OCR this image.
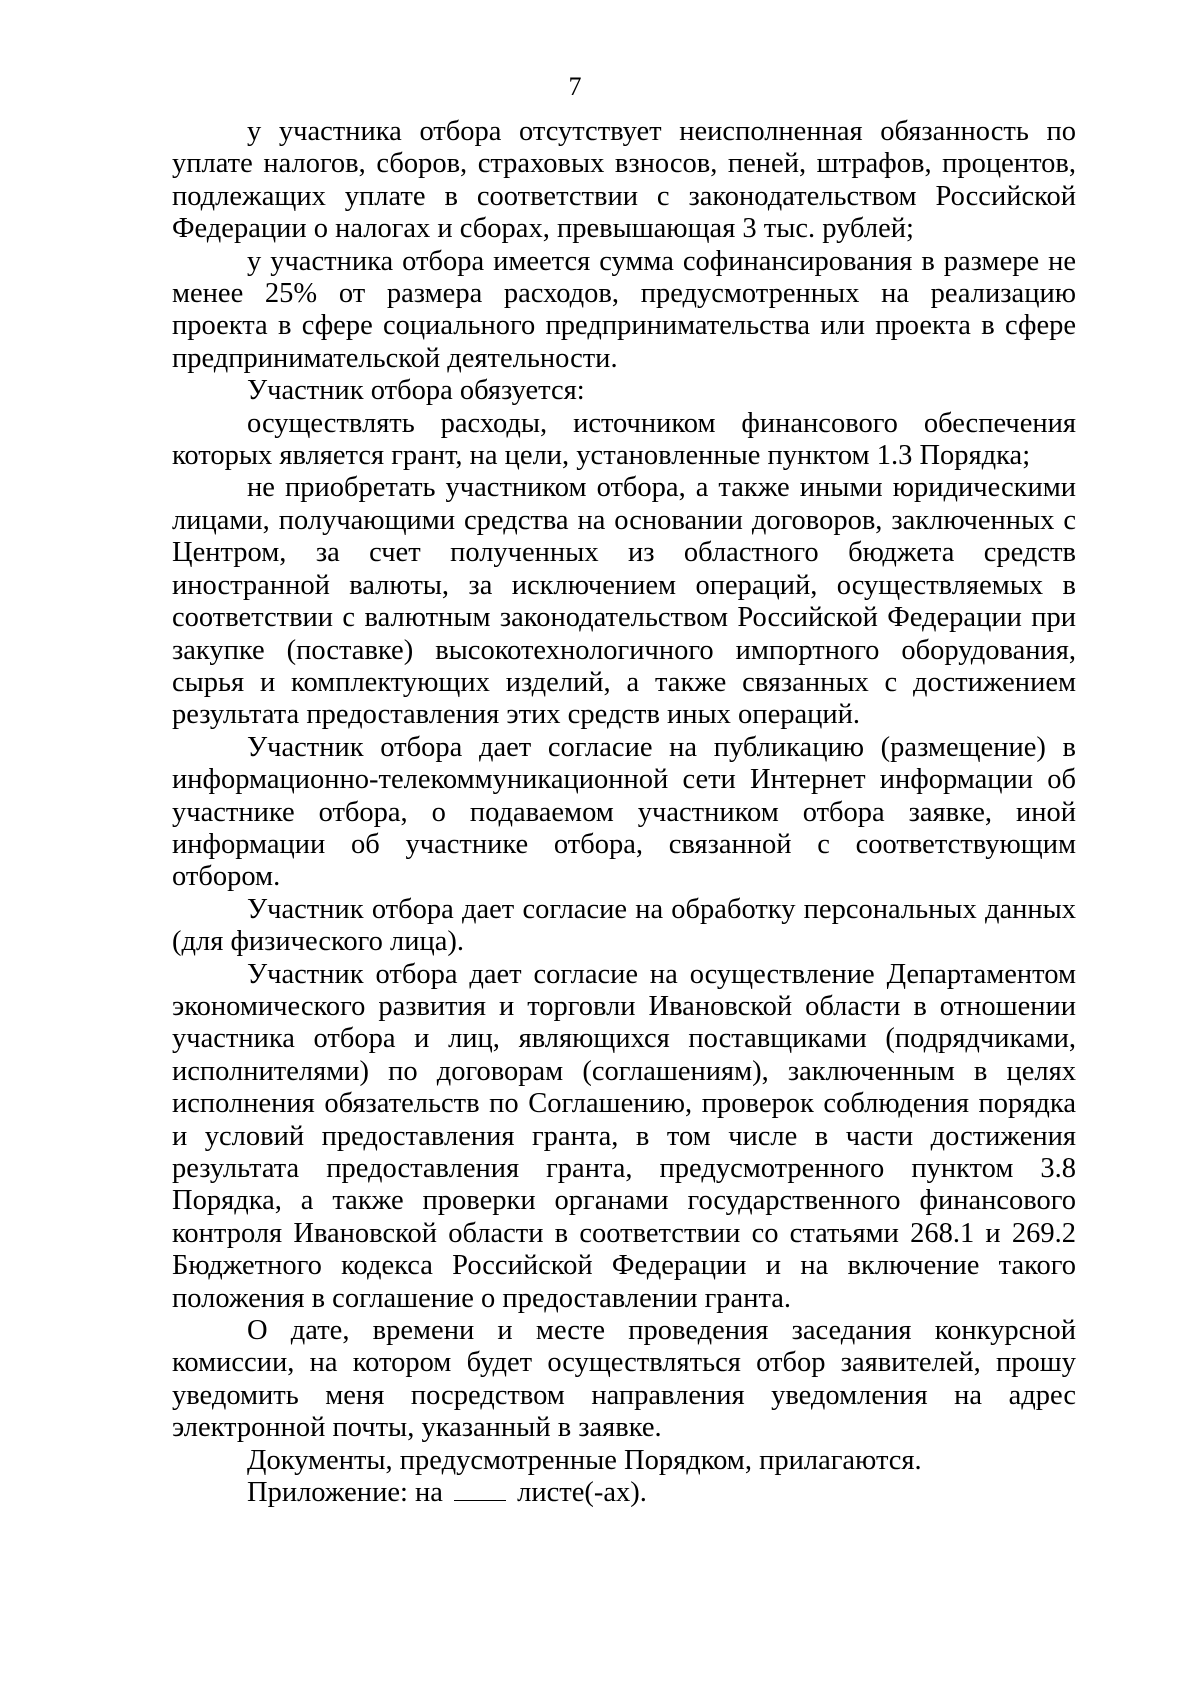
7

у участника отбора отсутствует неисполненная обязанность по уплате налогов, сборов, страховых взносов, пеней, штрафов, процентов, подлежащих уплате в соответствии с законодательством Российской Федерации о налогах и сборах, превышающая 3 тыс. рублей;

у участника отбора имеется сумма софинансирования в размере не менее 25% от размера расходов, предусмотренных на реализацию проекта в сфере социального предпринимательства или проекта в сфере предпринимательской деятельности.

Участник отбора обязуется:

осуществлять расходы, источником финансового обеспечения которых является грант, на цели, установленные пунктом 1.3 Порядка;

не приобретать участником отбора, а также иными юридическими лицами, получающими средства на основании договоров, заключенных с Центром, за счет полученных из областного бюджета средств иностранной валюты, за исключением операций, осуществляемых в соответствии с валютным законодательством Российской Федерации при закупке (поставке) высокотехнологичного импортного оборудования, сырья и комплектующих изделий, а также связанных с достижением результата предоставления этих средств иных операций.

Участник отбора дает согласие на публикацию (размещение) в информационно-телекоммуникационной сети Интернет информации об участнике отбора, о подаваемом участником отбора заявке, иной информации об участнике отбора, связанной с соответствующим отбором.

Участник отбора дает согласие на обработку персональных данных (для физического лица).

Участник отбора дает согласие на осуществление Департаментом экономического развития и торговли Ивановской области в отношении участника отбора и лиц, являющихся поставщиками (подрядчиками, исполнителями) по договорам (соглашениям), заключенным в целях исполнения обязательств по Соглашению, проверок соблюдения порядка и условий предоставления гранта, в том числе в части достижения результата предоставления гранта, предусмотренного пунктом 3.8 Порядка, а также проверки органами государственного финансового контроля Ивановской области в соответствии со статьями 268.1 и 269.2 Бюджетного кодекса Российской Федерации и на включение такого положения в соглашение о предоставлении гранта.

О дате, времени и месте проведения заседания конкурсной комиссии, на котором будет осуществляться отбор заявителей, прошу уведомить меня посредством направления уведомления на адрес электронной почты, указанный в заявке.

Документы, предусмотренные Порядком, прилагаются.

Приложение: на	листе(-ах).
